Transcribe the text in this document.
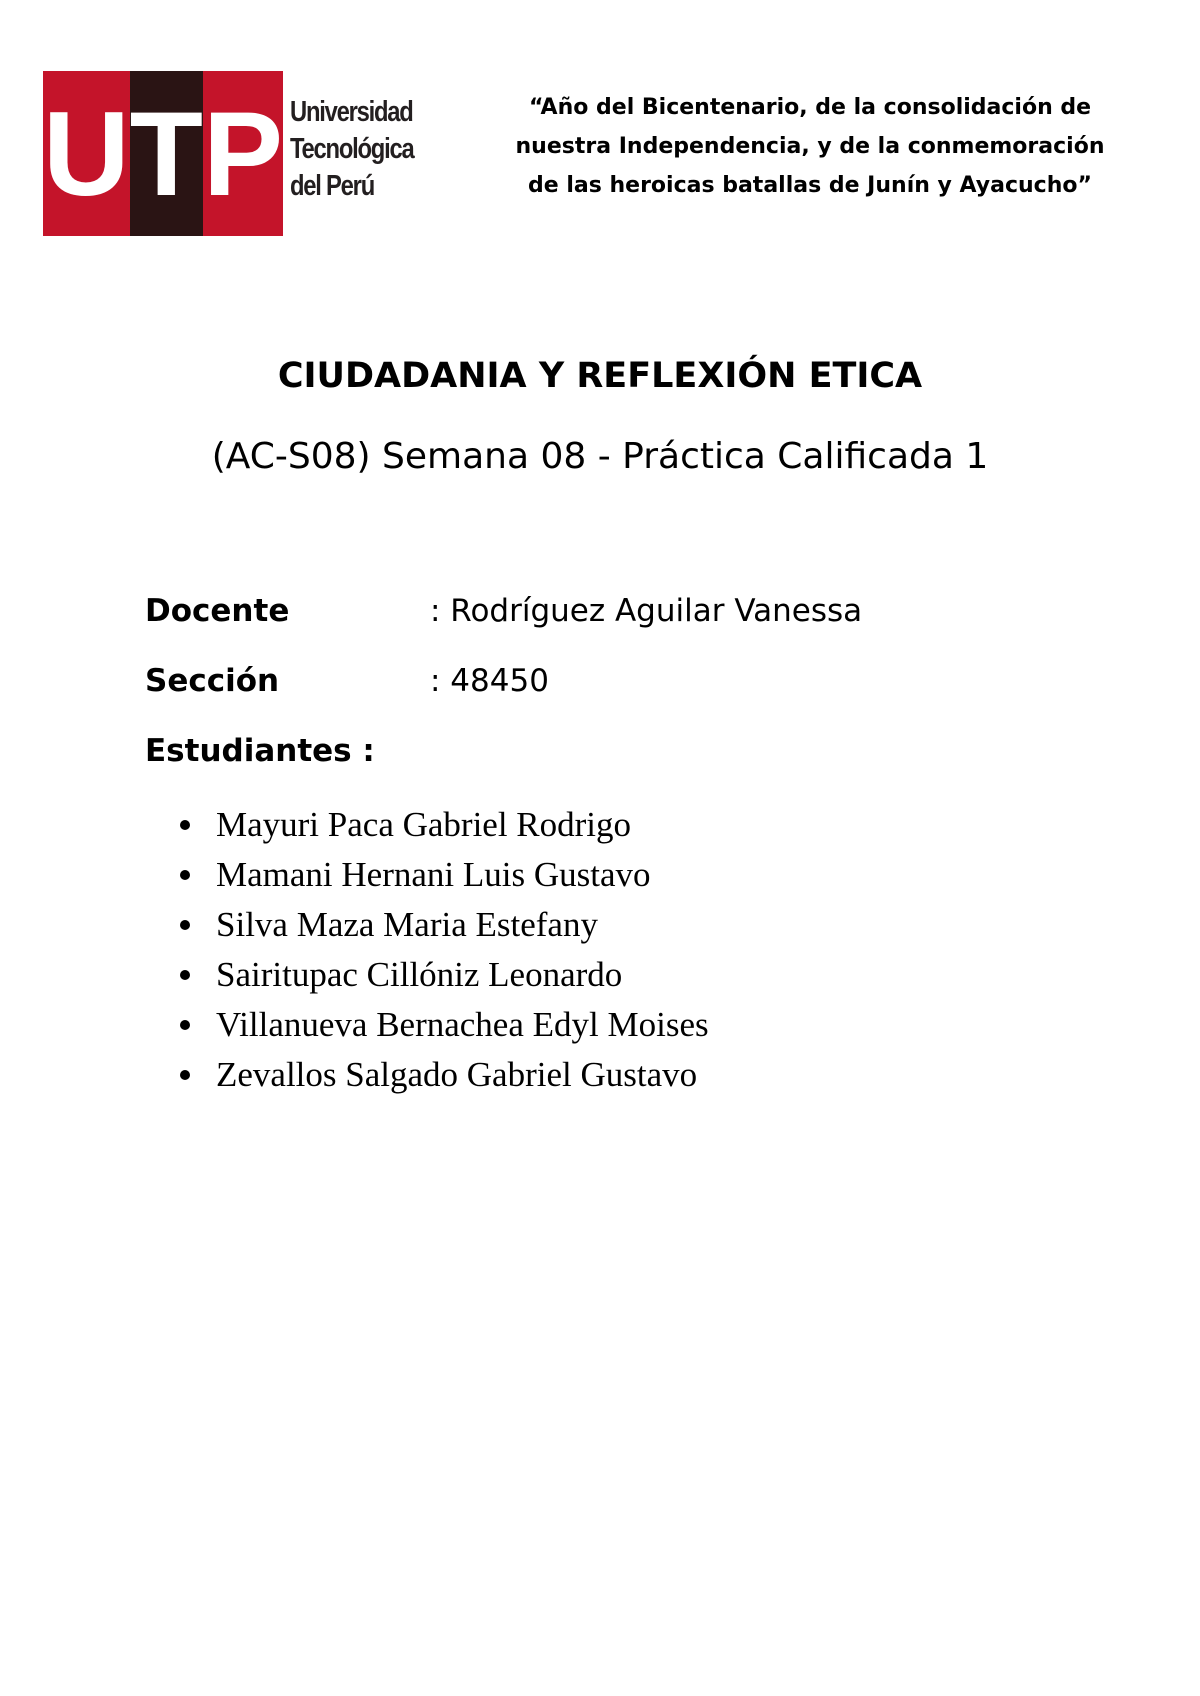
U T P Universidad
Tecnológica
del Perú
“Año del Bicentenario, de la consolidación de
nuestra Independencia, y de la conmemoración
de las heroicas batallas de Junín y Ayacucho”
CIUDADANIA Y REFLEXIÓN ETICA
(AC-S08) Semana 08 - Práctica Calificada 1
Docente	: Rodríguez Aguilar Vanessa
Sección	: 48450
Estudiantes :
Mayuri Paca Gabriel Rodrigo
Mamani Hernani Luis Gustavo
Silva Maza Maria Estefany
Sairitupac Cillóniz Leonardo
Villanueva Bernachea Edyl Moises
Zevallos Salgado Gabriel Gustavo
